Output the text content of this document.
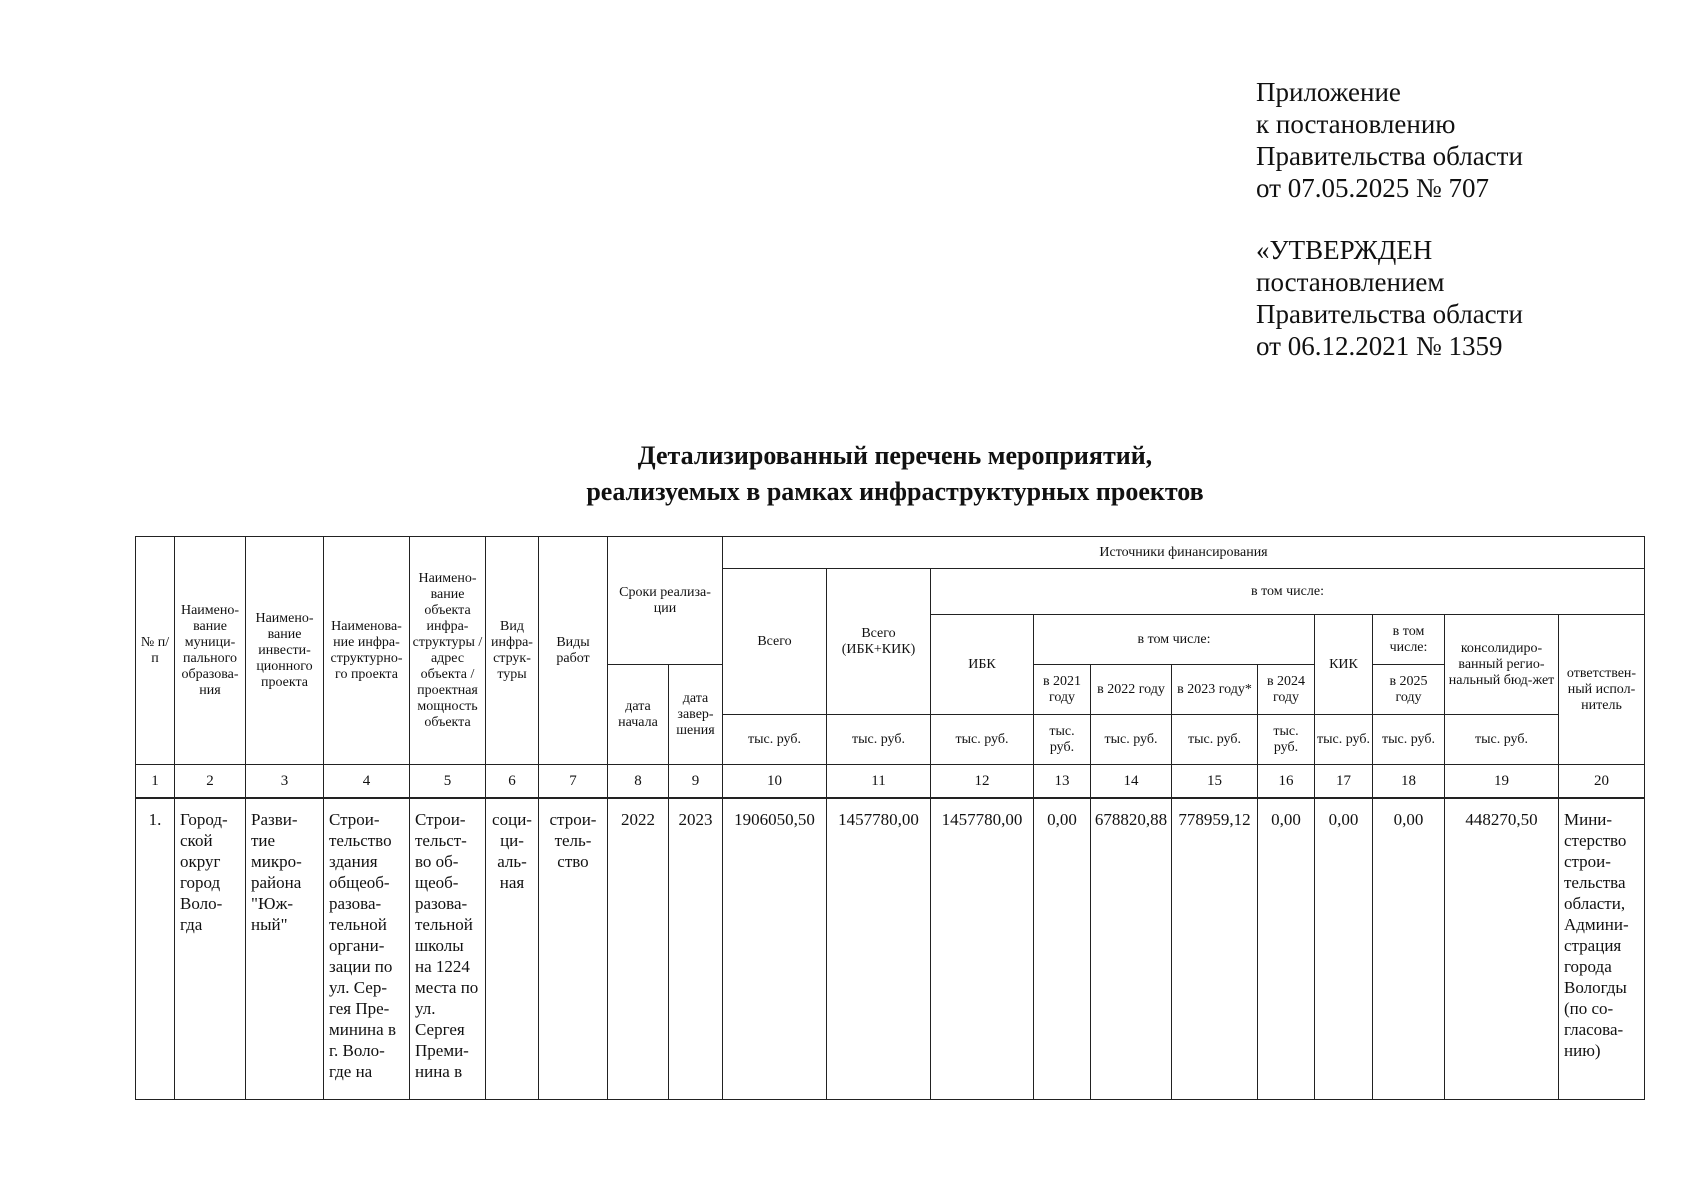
Приложение
к постановлению
Правительства области
от 07.05.2025 № 707
«УТВЕРЖДЕН
постановлением
Правительства области
от 06.12.2021 № 1359
Детализированный перечень мероприятий,
реализуемых в рамках инфраструктурных проектов
№ п/п	Наимено-вание муници-пального образова-ния	Наимено-вание инвести-ционного проекта	Наименова-ние инфра-структурно-го проекта	Наимено-вание объекта инфра-структуры /адрес объекта / проектная мощность объекта	Вид инфра-струк-туры	Виды работ	Сроки реализа-ции		Источники финансирования										
									Всего	Всего (ИБК+КИК)	в том числе:								
											ИБК	в том числе:				КИК	в том числе:	консолидиро-ванный регио-нальный бюд-жет	ответствен-ный испол-нитель
							дата начала	дата завер-шения				в 2021 году	в 2022 году	в 2023 году*	в 2024 году		в 2025 году		
									тыс. руб.	тыс. руб.	тыс. руб.	тыс. руб.	тыс. руб.	тыс. руб.	тыс. руб.	тыс. руб.	тыс. руб.	тыс. руб.	
1	2	3	4	5	6	7	8	9	10	11	12	13	14	15	16	17	18	19	20
1.	Город-ской округ город Воло-гда	Разви-тие микро-района "Юж-ный"	Строи-тельство здания общеоб-разова-тельной органи-зации по ул. Сер-гея Пре-минина в г. Воло-где на	Строи-тельст-во об-щеоб-разова-тельной школы на 1224 места по ул. Сергея Преми-нина в	соци-ци-аль-ная	строи-тель-ство	2022	2023	1906050,50	1457780,00	1457780,00	0,00	678820,88	778959,12	0,00	0,00	0,00	448270,50	Мини-стерство строи-тельства области, Админи-страция города Вологды (по со-гласова-нию)
